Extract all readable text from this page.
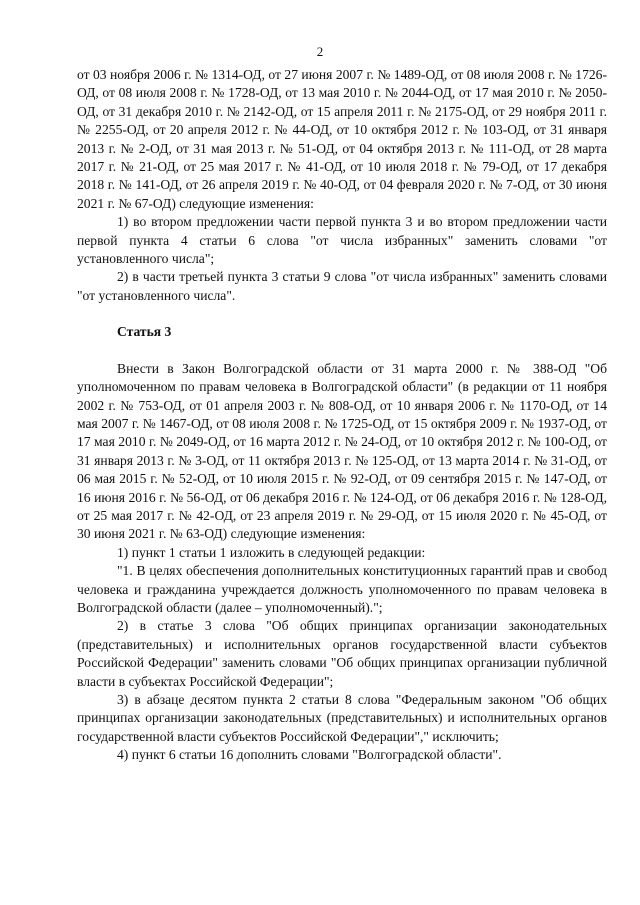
2

от 03 ноября 2006 г. № 1314-ОД, от 27 июня 2007 г. № 1489-ОД, от 08 июля 2008 г. № 1726-ОД, от 08 июля 2008 г. № 1728-ОД, от 13 мая 2010 г. № 2044-ОД, от 17 мая 2010 г. № 2050-ОД, от 31 декабря 2010 г. № 2142-ОД, от 15 апреля 2011 г. № 2175-ОД, от 29 ноября 2011 г. № 2255-ОД, от 20 апреля 2012 г. № 44-ОД, от 10 октября 2012 г. № 103-ОД, от 31 января 2013 г. № 2-ОД, от 31 мая 2013 г. № 51-ОД, от 04 октября 2013 г. № 111-ОД, от 28 марта 2017 г. № 21-ОД, от 25 мая 2017 г. № 41-ОД, от 10 июля 2018 г. № 79-ОД, от 17 декабря 2018 г. № 141-ОД, от 26 апреля 2019 г. № 40-ОД, от 04 февраля 2020 г. № 7-ОД, от 30 июня 2021 г. № 67-ОД) следующие изменения:

1) во втором предложении части первой пункта 3 и во втором предложении части первой пункта 4 статьи 6 слова "от числа избранных" заменить словами "от установленного числа";

2) в части третьей пункта 3 статьи 9 слова "от числа избранных" заменить словами "от установленного числа".

Статья 3

Внести в Закон Волгоградской области от 31 марта 2000 г. № 388-ОД "Об уполномоченном по правам человека в Волгоградской области" (в редакции от 11 ноября 2002 г. № 753-ОД, от 01 апреля 2003 г. № 808-ОД, от 10 января 2006 г. № 1170-ОД, от 14 мая 2007 г. № 1467-ОД, от 08 июля 2008 г. № 1725-ОД, от 15 октября 2009 г. № 1937-ОД, от 17 мая 2010 г. № 2049-ОД, от 16 марта 2012 г. № 24-ОД, от 10 октября 2012 г. № 100-ОД, от 31 января 2013 г. № 3-ОД, от 11 октября 2013 г. № 125-ОД, от 13 марта 2014 г. № 31-ОД, от 06 мая 2015 г. № 52-ОД, от 10 июля 2015 г. № 92-ОД, от 09 сентября 2015 г. № 147-ОД, от 16 июня 2016 г. № 56-ОД, от 06 декабря 2016 г. № 124-ОД, от 06 декабря 2016 г. № 128-ОД, от 25 мая 2017 г. № 42-ОД, от 23 апреля 2019 г. № 29-ОД, от 15 июля 2020 г. № 45-ОД, от 30 июня 2021 г. № 63-ОД) следующие изменения:

1) пункт 1 статьи 1 изложить в следующей редакции:

"1. В целях обеспечения дополнительных конституционных гарантий прав и свобод человека и гражданина учреждается должность уполномоченного по правам человека в Волгоградской области (далее – уполномоченный).";

2) в статье 3 слова "Об общих принципах организации законодательных (представительных) и исполнительных органов государственной власти субъектов Российской Федерации" заменить словами "Об общих принципах организации публичной власти в субъектах Российской Федерации";

3) в абзаце десятом пункта 2 статьи 8 слова "Федеральным законом "Об общих принципах организации законодательных (представительных) и исполнительных органов государственной власти субъектов Российской Федерации"," исключить;

4) пункт 6 статьи 16 дополнить словами "Волгоградской области".
